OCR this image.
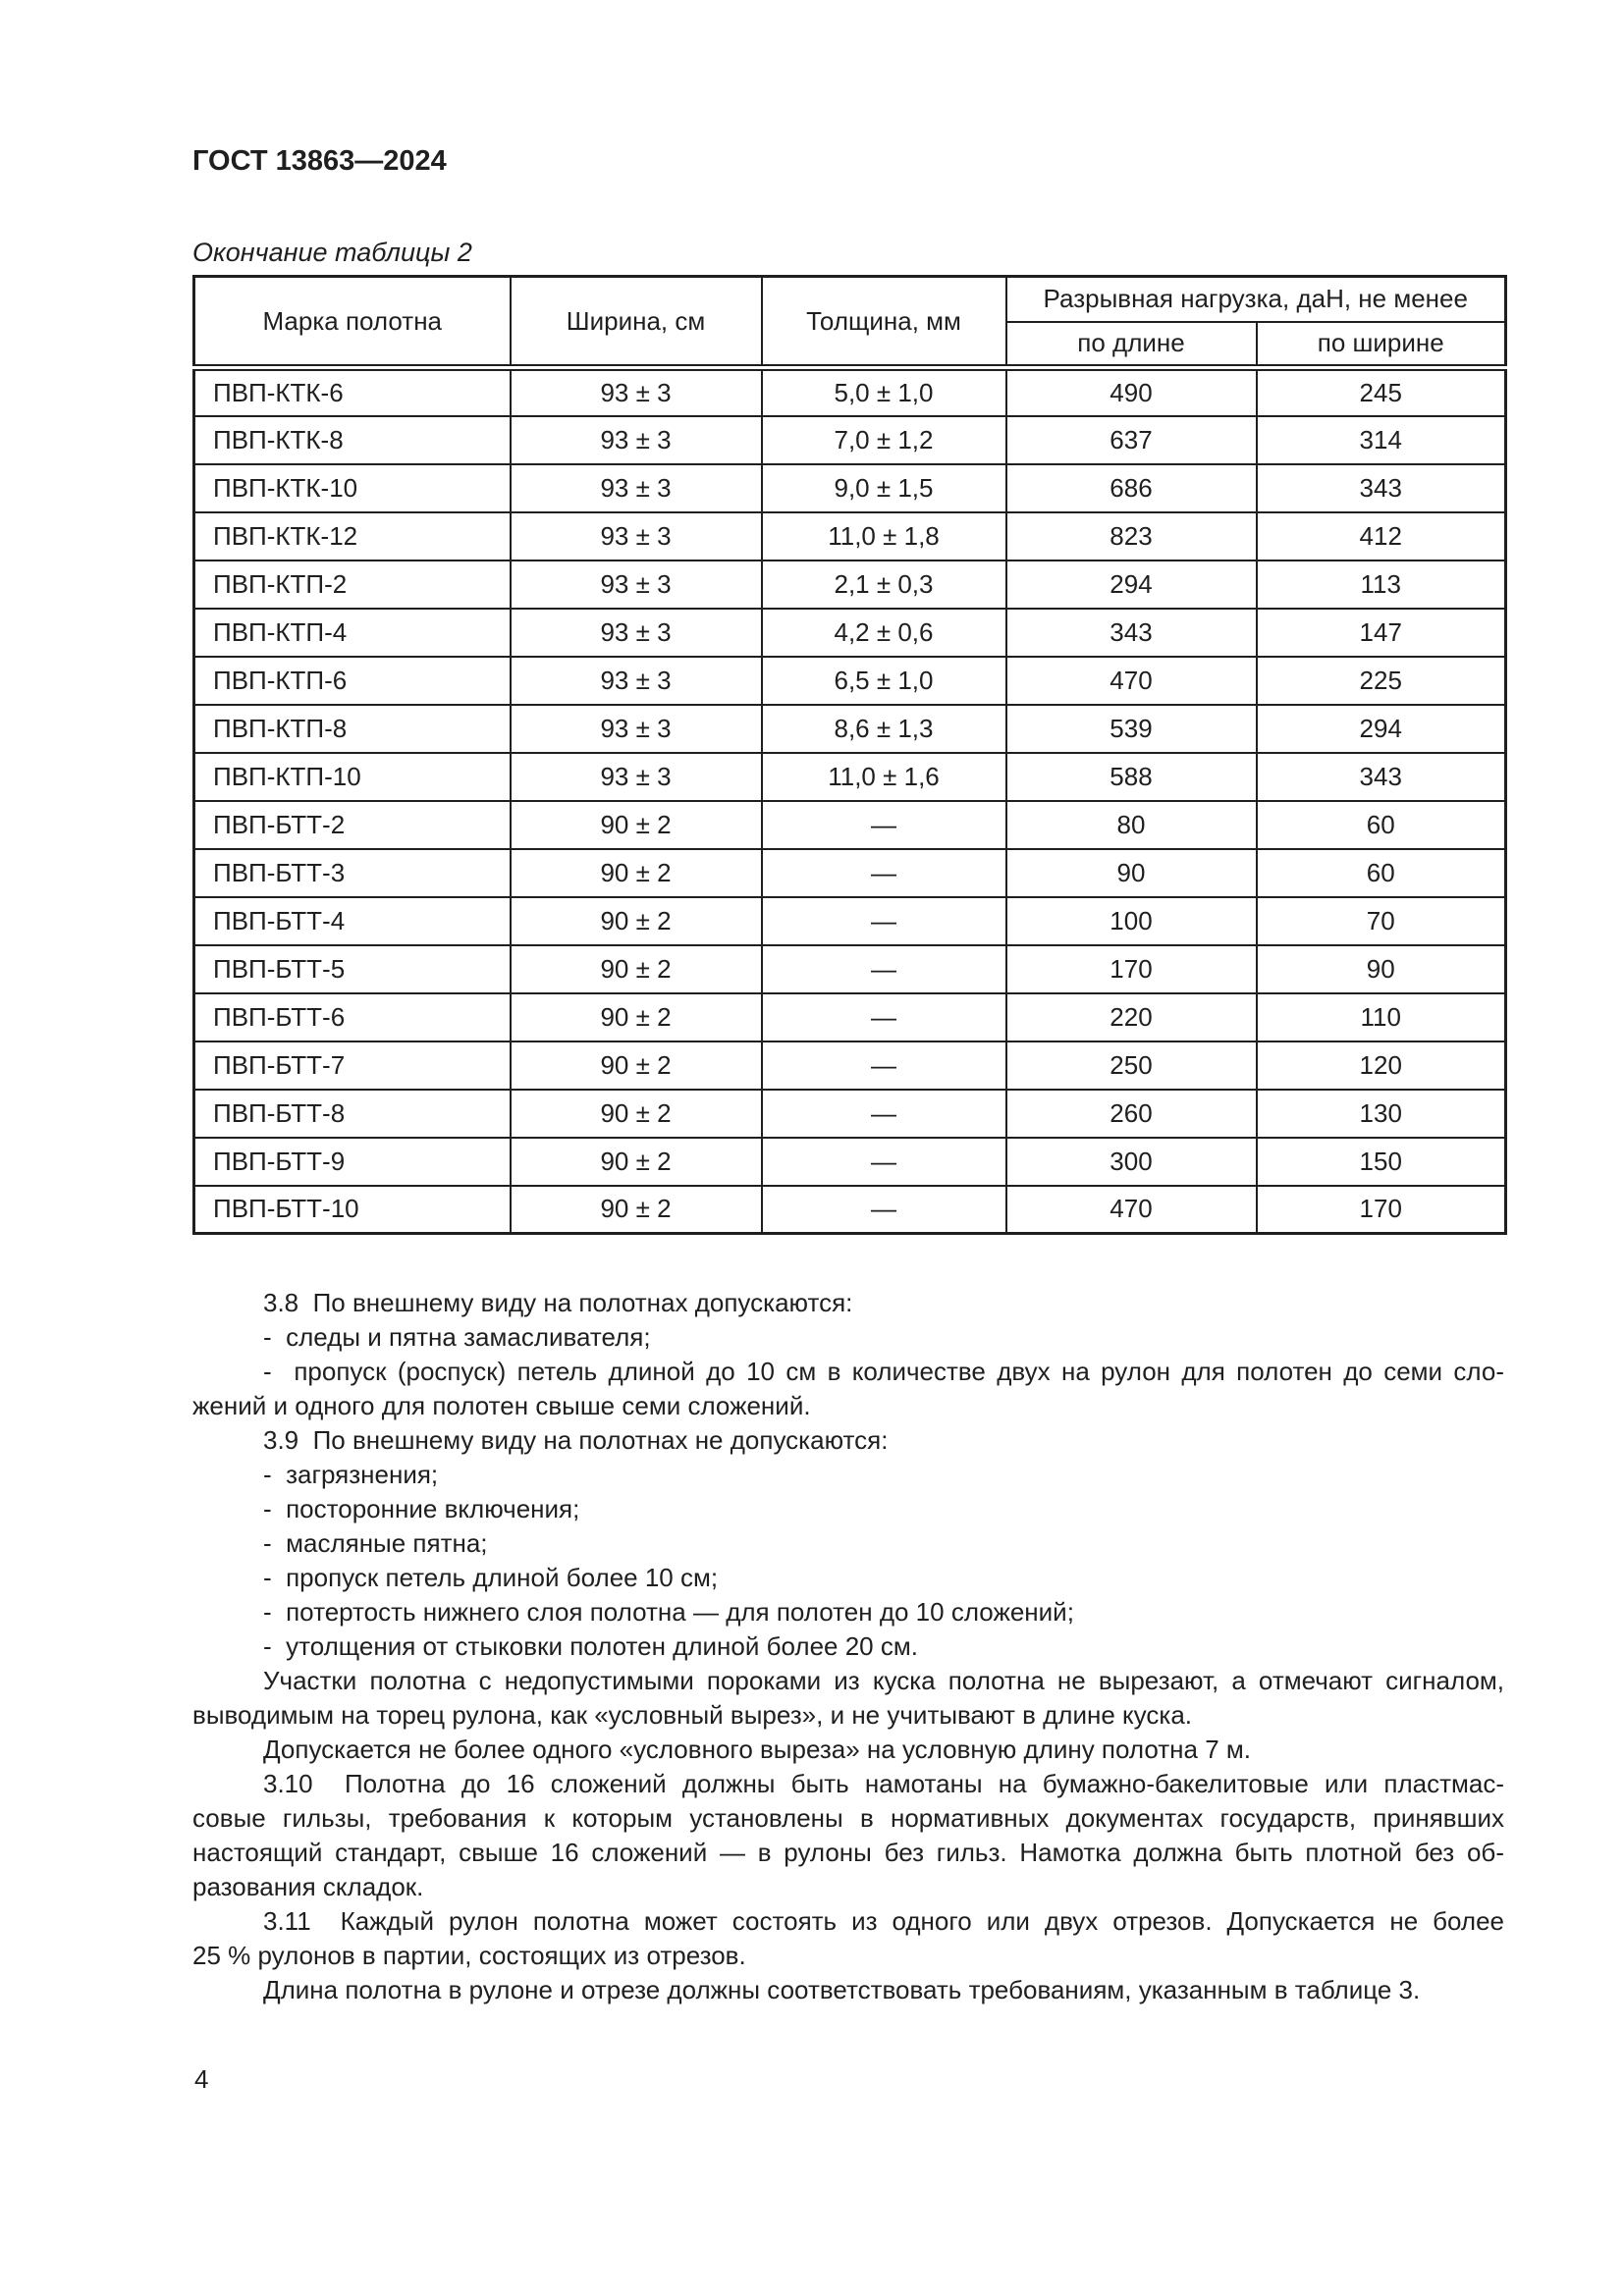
ГОСТ 13863—2024
Окончание таблицы 2
Марка полотна	Ширина, см	Толщина, мм	Разрывная нагрузка, даН, не менее	
			по длине	по ширине
ПВП-КТК-6	93 ± 3	5,0 ± 1,0	490	245
ПВП-КТК-8	93 ± 3	7,0 ± 1,2	637	314
ПВП-КТК-10	93 ± 3	9,0 ± 1,5	686	343
ПВП-КТК-12	93 ± 3	11,0 ± 1,8	823	412
ПВП-КТП-2	93 ± 3	2,1 ± 0,3	294	113
ПВП-КТП-4	93 ± 3	4,2 ± 0,6	343	147
ПВП-КТП-6	93 ± 3	6,5 ± 1,0	470	225
ПВП-КТП-8	93 ± 3	8,6 ± 1,3	539	294
ПВП-КТП-10	93 ± 3	11,0 ± 1,6	588	343
ПВП-БТТ-2	90 ± 2	—	80	60
ПВП-БТТ-3	90 ± 2	—	90	60
ПВП-БТТ-4	90 ± 2	—	100	70
ПВП-БТТ-5	90 ± 2	—	170	90
ПВП-БТТ-6	90 ± 2	—	220	110
ПВП-БТТ-7	90 ± 2	—	250	120
ПВП-БТТ-8	90 ± 2	—	260	130
ПВП-БТТ-9	90 ± 2	—	300	150
ПВП-БТТ-10	90 ± 2	—	470	170
3.8  По внешнему виду на полотнах допускаются:
-  следы и пятна замасливателя;
-  пропуск (роспуск) петель длиной до 10 см в количестве двух на рулон для полотен до семи сло-
жений и одного для полотен свыше семи сложений.
3.9  По внешнему виду на полотнах не допускаются:
-  загрязнения;
-  посторонние включения;
-  масляные пятна;
-  пропуск петель длиной более 10 см;
-  потертость нижнего слоя полотна — для полотен до 10 сложений;
-  утолщения от стыковки полотен длиной более 20 см.
Участки полотна с недопустимыми пороками из куска полотна не вырезают, а отмечают сигналом,
выводимым на торец рулона, как «условный вырез», и не учитывают в длине куска.
Допускается не более одного «условного выреза» на условную длину полотна 7 м.
3.10  Полотна до 16 сложений должны быть намотаны на бумажно-бакелитовые или пластмас-
совые гильзы, требования к которым установлены в нормативных документах государств, принявших
настоящий стандарт, свыше 16 сложений — в рулоны без гильз. Намотка должна быть плотной без об-
разования складок.
3.11  Каждый рулон полотна может состоять из одного или двух отрезов. Допускается не более
25 % рулонов в партии, состоящих из отрезов.
Длина полотна в рулоне и отрезе должны соответствовать требованиям, указанным в таблице 3.
4
